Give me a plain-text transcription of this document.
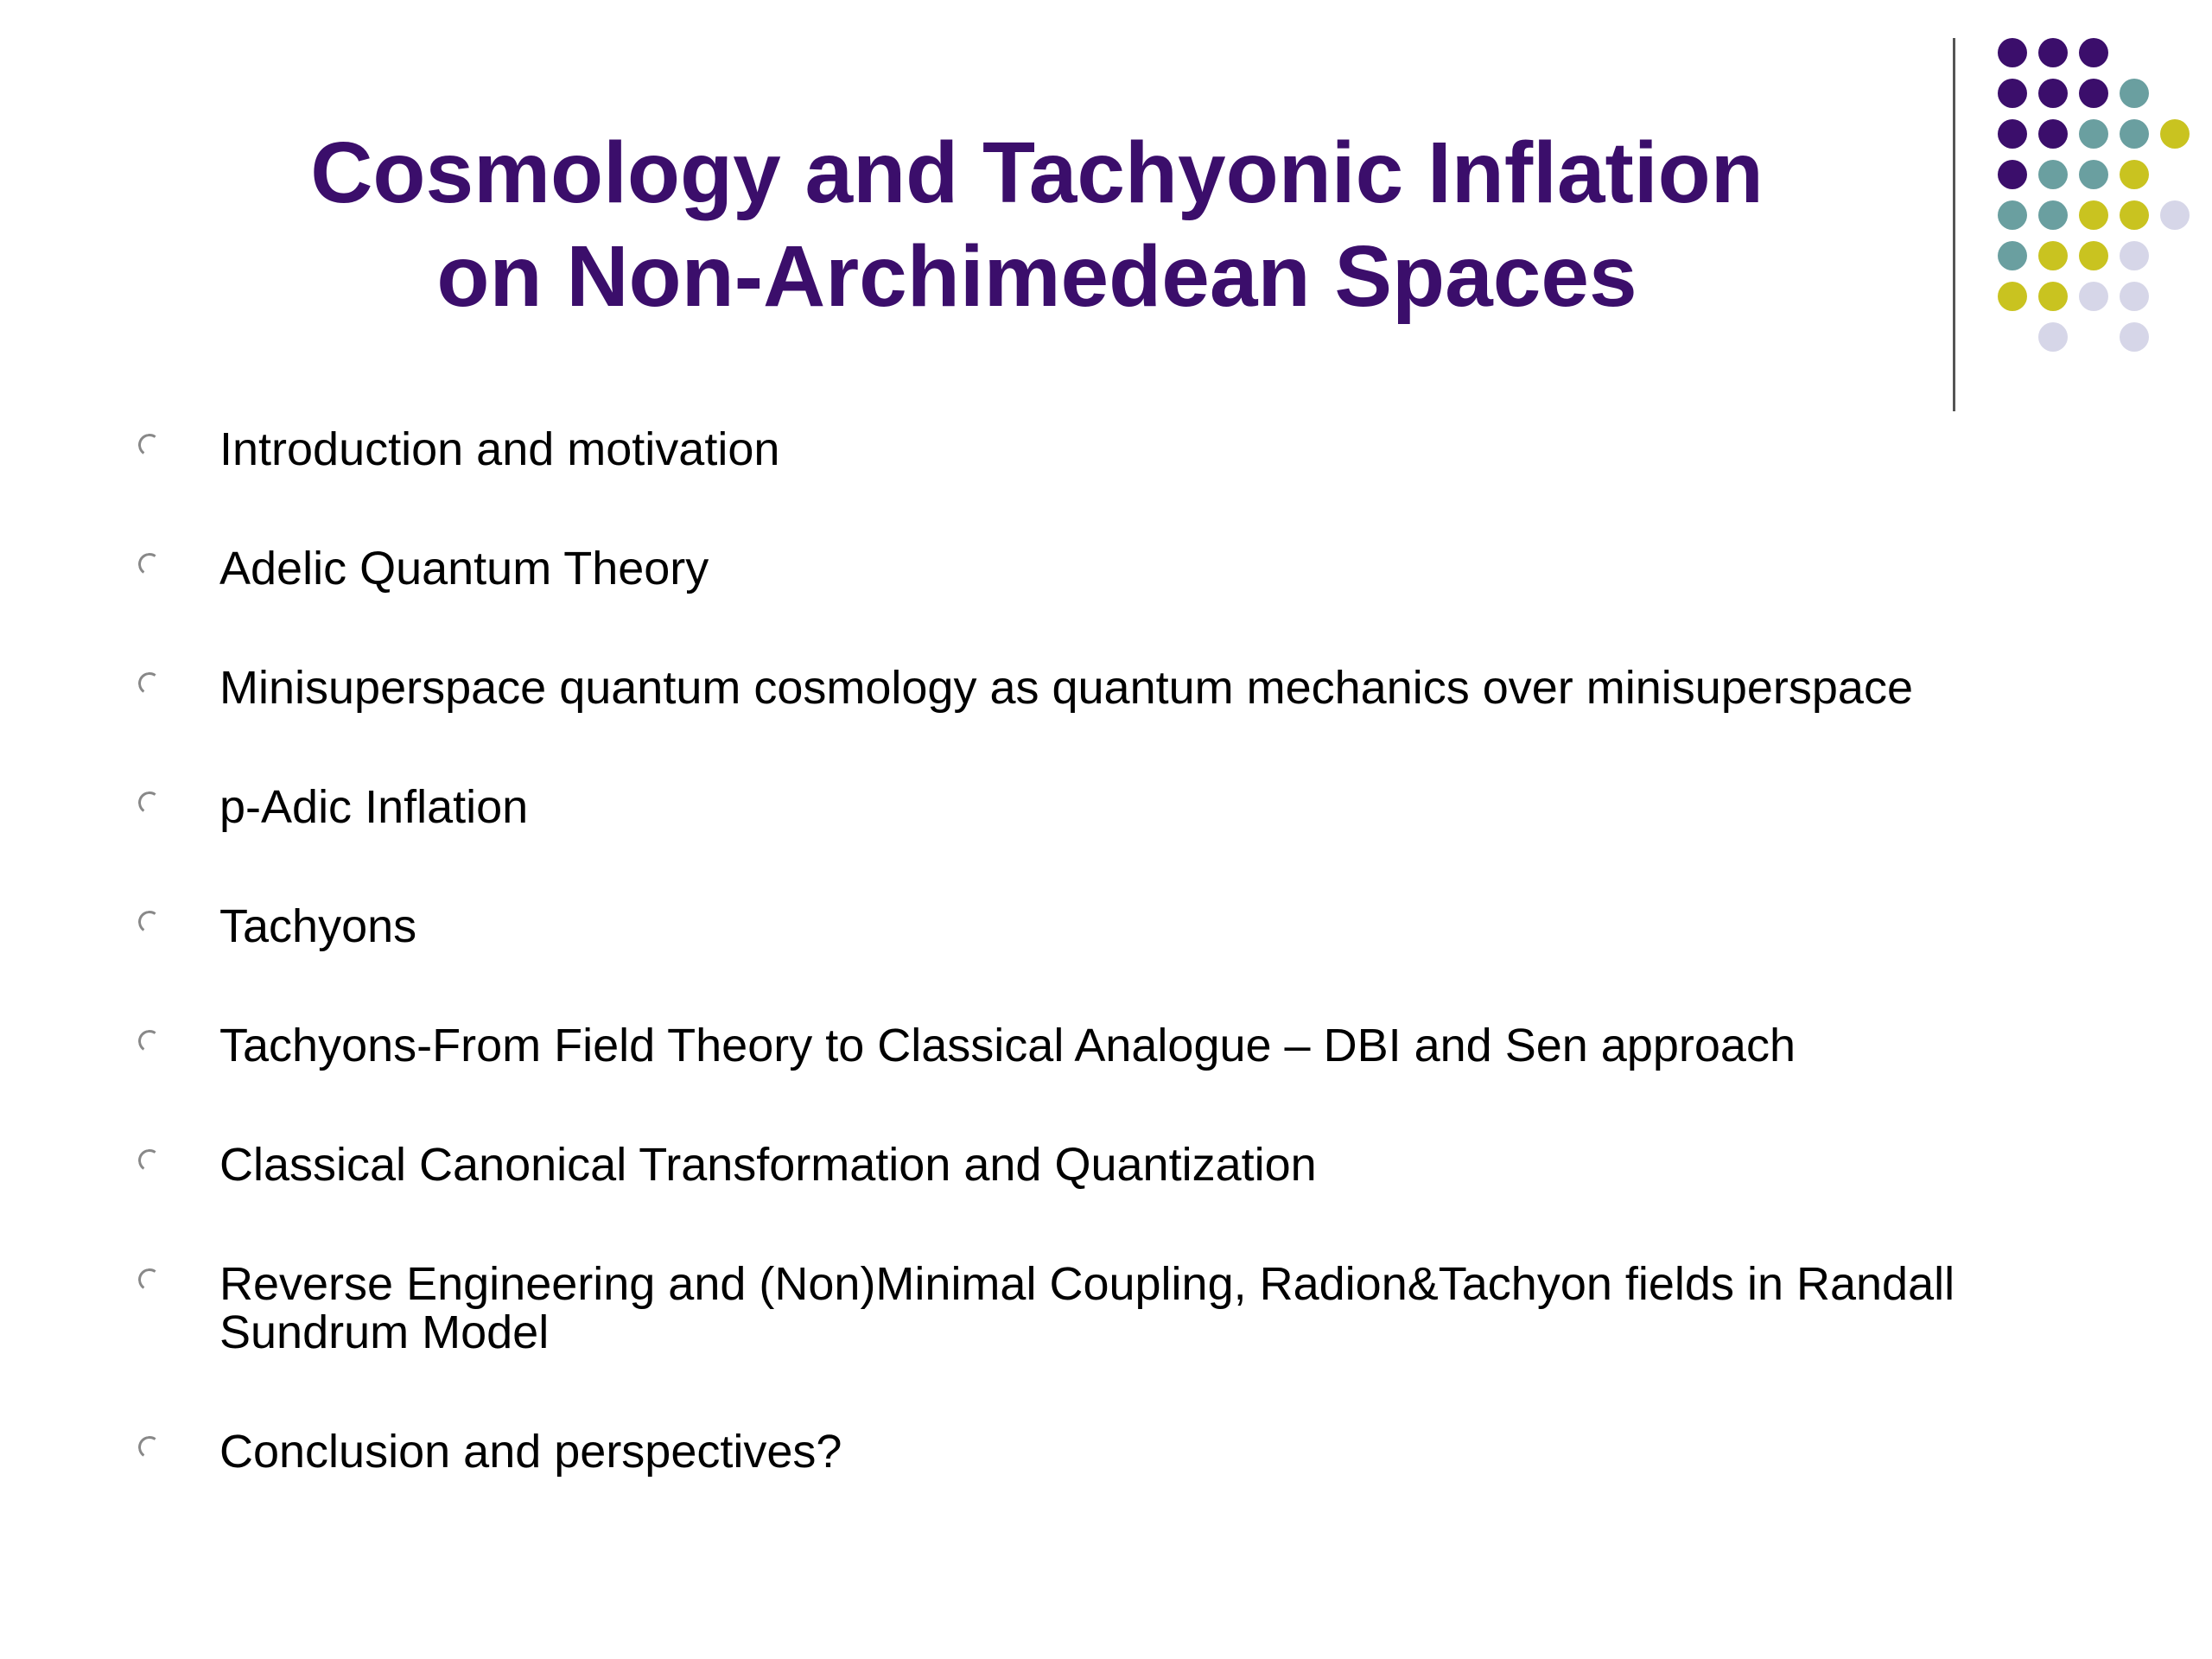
Cosmology and Tachyonic Inflation
on Non-Archimedean Spaces
Introduction and motivation
Adelic Quantum Theory
Minisuperspace quantum cosmology as quantum mechanics over minisuperspace
p-Adic Inflation
Tachyons
Tachyons-From Field Theory to Classical Analogue – DBI and Sen approach
Classical Canonical Transformation and Quantization
Reverse Engineering and (Non)Minimal Coupling, Radion&Tachyon fields in Randall Sundrum Model
Conclusion and perspectives?
